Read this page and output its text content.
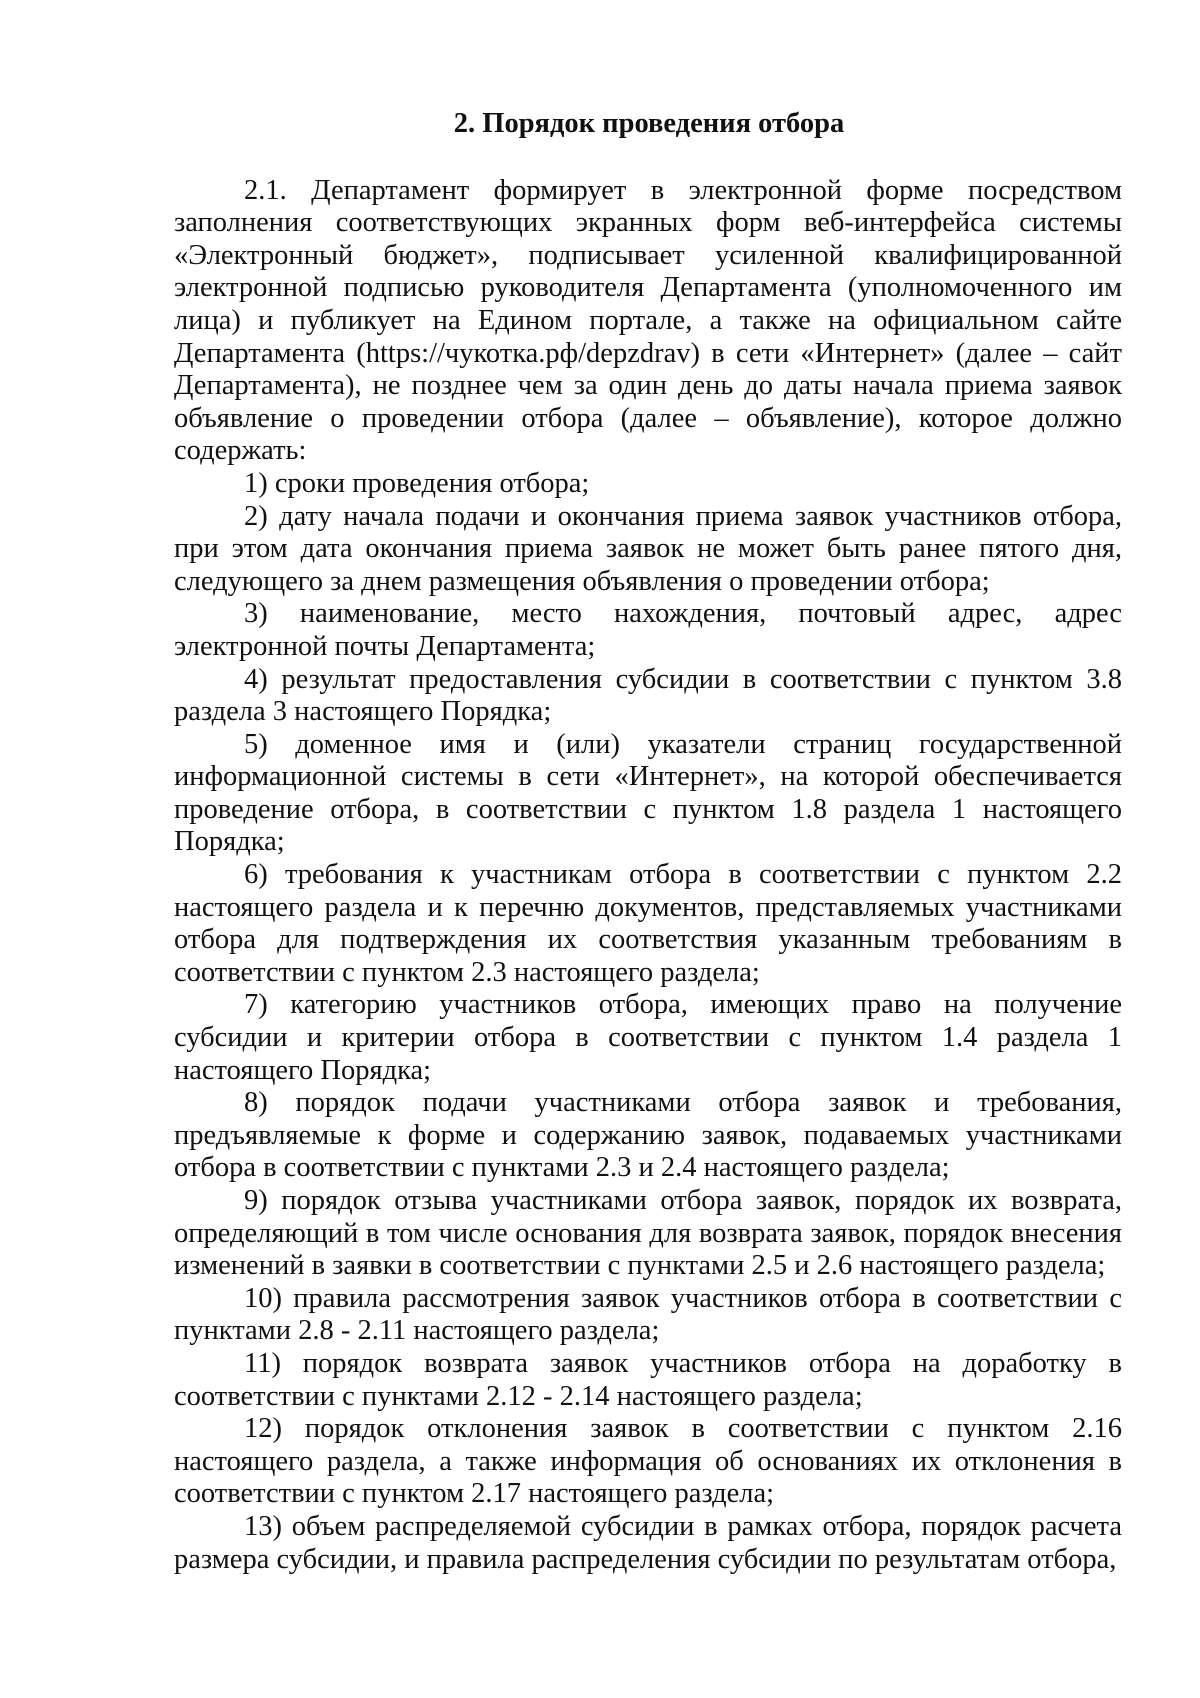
2. Порядок проведения отбора

2.1. Департамент формирует в электронной форме посредством заполнения соответствующих экранных форм веб-интерфейса системы «Электронный бюджет», подписывает усиленной квалифицированной электронной подписью руководителя Департамента (уполномоченного им лица) и публикует на Едином портале, а также на официальном сайте Департамента (https://чукотка.рф/depzdrav) в сети «Интернет» (далее – сайт Департамента), не позднее чем за один день до даты начала приема заявок объявление о проведении отбора (далее – объявление), которое должно содержать:

1) сроки проведения отбора;

2) дату начала подачи и окончания приема заявок участников отбора, при этом дата окончания приема заявок не может быть ранее пятого дня, следующего за днем размещения объявления о проведении отбора;

3) наименование, место нахождения, почтовый адрес, адрес электронной почты Департамента;

4) результат предоставления субсидии в соответствии с пунктом 3.8 раздела 3 настоящего Порядка;

5) доменное имя и (или) указатели страниц государственной информационной системы в сети «Интернет», на которой обеспечивается проведение отбора, в соответствии с пунктом 1.8 раздела 1 настоящего Порядка;

6) требования к участникам отбора в соответствии с пунктом 2.2 настоящего раздела и к перечню документов, представляемых участниками отбора для подтверждения их соответствия указанным требованиям в соответствии с пунктом 2.3 настоящего раздела;

7) категорию участников отбора, имеющих право на получение субсидии и критерии отбора в соответствии с пунктом 1.4 раздела 1 настоящего Порядка;

8) порядок подачи участниками отбора заявок и требования, предъявляемые к форме и содержанию заявок, подаваемых участниками отбора в соответствии с пунктами 2.3 и 2.4 настоящего раздела;

9) порядок отзыва участниками отбора заявок, порядок их возврата, определяющий в том числе основания для возврата заявок, порядок внесения изменений в заявки в соответствии с пунктами 2.5 и 2.6 настоящего раздела;

10) правила рассмотрения заявок участников отбора в соответствии с пунктами 2.8 - 2.11 настоящего раздела;

11) порядок возврата заявок участников отбора на доработку в соответствии с пунктами 2.12 - 2.14 настоящего раздела;

12) порядок отклонения заявок в соответствии с пунктом 2.16 настоящего раздела, а также информация об основаниях их отклонения в соответствии с пунктом 2.17 настоящего раздела;

13) объем распределяемой субсидии в рамках отбора, порядок расчета размера субсидии, и правила распределения субсидии по результатам отбора,
